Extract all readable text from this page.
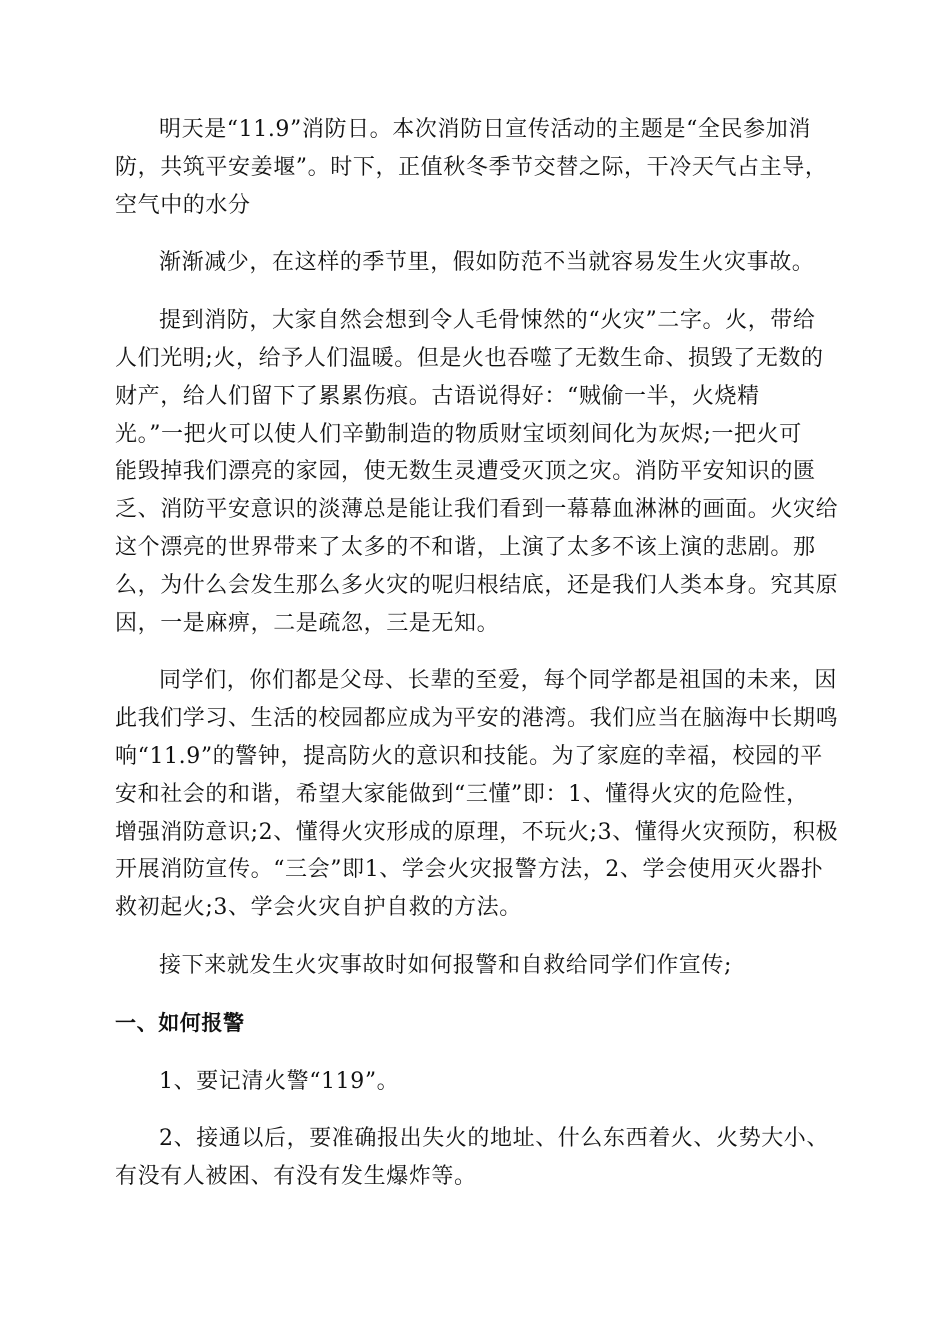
明天是“11.9”消防日。本次消防日宣传活动的主题是“全民参加消
防，共筑平安姜堰”。时下，正值秋冬季节交替之际，干冷天气占主导，
空气中的水分
渐渐减少，在这样的季节里，假如防范不当就容易发生火灾事故。
提到消防，大家自然会想到令人毛骨悚然的“火灾”二字。火，带给
人们光明;火，给予人们温暖。但是火也吞噬了无数生命、损毁了无数的
财产，给人们留下了累累伤痕。古语说得好：“贼偷一半，火烧精
光。”一把火可以使人们辛勤制造的物质财宝顷刻间化为灰烬;一把火可
能毁掉我们漂亮的家园，使无数生灵遭受灭顶之灾。消防平安知识的匮
乏、消防平安意识的淡薄总是能让我们看到一幕幕血淋淋的画面。火灾给
这个漂亮的世界带来了太多的不和谐，上演了太多不该上演的悲剧。那
么，为什么会发生那么多火灾的呢归根结底，还是我们人类本身。究其原
因，一是麻痹，二是疏忽，三是无知。
同学们，你们都是父母、长辈的至爱，每个同学都是祖国的未来，因
此我们学习、生活的校园都应成为平安的港湾。我们应当在脑海中长期鸣
响“11.9”的警钟，提高防火的意识和技能。为了家庭的幸福，校园的平
安和社会的和谐，希望大家能做到“三懂”即：1、懂得火灾的危险性，
增强消防意识;2、懂得火灾形成的原理，不玩火;3、懂得火灾预防，积极
开展消防宣传。“三会”即1、学会火灾报警方法，2、学会使用灭火器扑
救初起火;3、学会火灾自护自救的方法。
接下来就发生火灾事故时如何报警和自救给同学们作宣传;
一、如何报警
1、要记清火警“119”。
2、接通以后，要准确报出失火的地址、什么东西着火、火势大小、
有没有人被困、有没有发生爆炸等。
